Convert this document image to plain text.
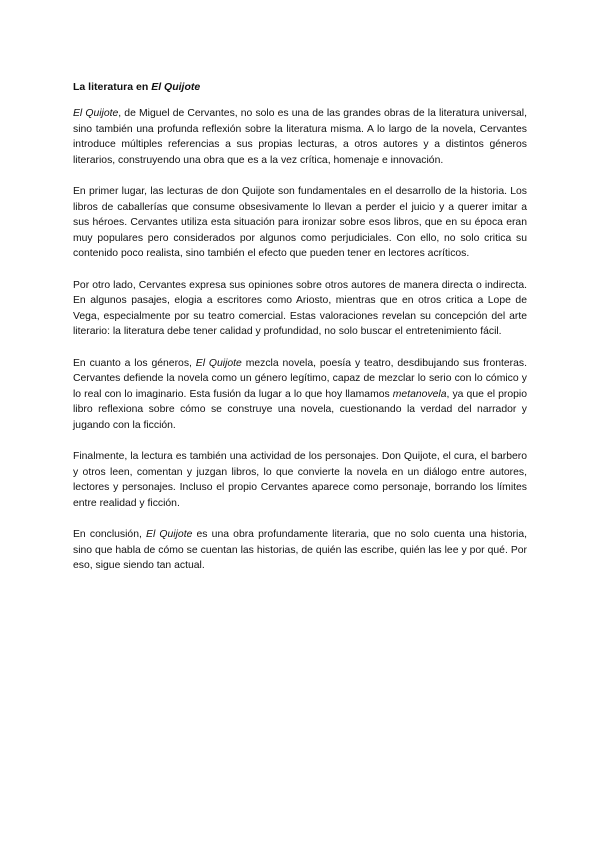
La literatura en El Quijote

El Quijote, de Miguel de Cervantes, no solo es una de las grandes obras de la literatura universal, sino también una profunda reflexión sobre la literatura misma. A lo largo de la novela, Cervantes introduce múltiples referencias a sus propias lecturas, a otros autores y a distintos géneros literarios, construyendo una obra que es a la vez crítica, homenaje e innovación.

En primer lugar, las lecturas de don Quijote son fundamentales en el desarrollo de la historia. Los libros de caballerías que consume obsesivamente lo llevan a perder el juicio y a querer imitar a sus héroes. Cervantes utiliza esta situación para ironizar sobre esos libros, que en su época eran muy populares pero considerados por algunos como perjudiciales. Con ello, no solo critica su contenido poco realista, sino también el efecto que pueden tener en lectores acríticos.

Por otro lado, Cervantes expresa sus opiniones sobre otros autores de manera directa o indirecta. En algunos pasajes, elogia a escritores como Ariosto, mientras que en otros critica a Lope de Vega, especialmente por su teatro comercial. Estas valoraciones revelan su concepción del arte literario: la literatura debe tener calidad y profundidad, no solo buscar el entretenimiento fácil.

En cuanto a los géneros, El Quijote mezcla novela, poesía y teatro, desdibujando sus fronteras. Cervantes defiende la novela como un género legítimo, capaz de mezclar lo serio con lo cómico y lo real con lo imaginario. Esta fusión da lugar a lo que hoy llamamos metanovela, ya que el propio libro reflexiona sobre cómo se construye una novela, cuestionando la verdad del narrador y jugando con la ficción.

Finalmente, la lectura es también una actividad de los personajes. Don Quijote, el cura, el barbero y otros leen, comentan y juzgan libros, lo que convierte la novela en un diálogo entre autores, lectores y personajes. Incluso el propio Cervantes aparece como personaje, borrando los límites entre realidad y ficción.

En conclusión, El Quijote es una obra profundamente literaria, que no solo cuenta una historia, sino que habla de cómo se cuentan las historias, de quién las escribe, quién las lee y por qué. Por eso, sigue siendo tan actual.
